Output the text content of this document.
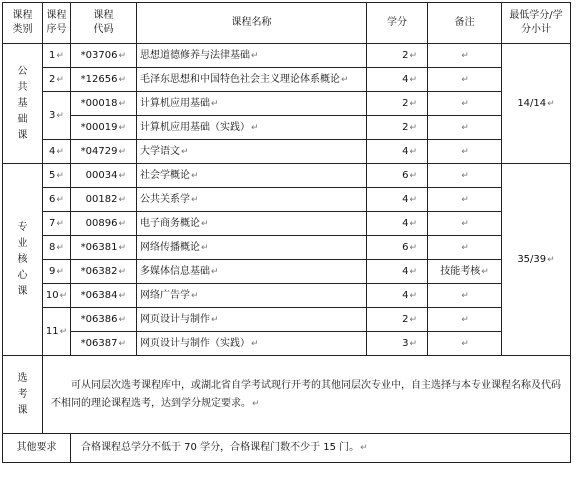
课程类别	课程序号	课程代码	课程名称	学分	备注	最低学分/学分小计
公共基础课	1↵	*03706↵	思想道德修养与法律基础↵	2↵	↵	14/14↵
	2↵	*12656↵	毛泽东思想和中国特色社会主义理论体系概论↵	4↵	↵	
	3↵	*00018↵	计算机应用基础↵	2↵	↵	
		*00019↵	计算机应用基础（实践）↵	2↵	↵	
	4↵	*04729↵	大学语文↵	4↵	↵	
专业核心课	5↵	00034↵	社会学概论↵	6↵	↵	35/39↵
	6↵	00182↵	公共关系学↵	4↵	↵	
	7↵	00896↵	电子商务概论↵	4↵	↵	
	8↵	*06381↵	网络传播概论↵	6↵	↵	
	9↵	*06382↵	多媒体信息基础↵	4↵	技能考核↵	
	10↵	*06384↵	网络广告学↵	4↵	↵	
	11↵	*06386↵	网页设计与制作↵	2↵	↵	
		*06387↵	网页设计与制作（实践）↵	3↵	↵	
选考课	可从同层次选考课程库中，或湖北省自学考试现行开考的其他同层次专业中，自主选择与本专业课程名称及代码不相同的理论课程选考，达到学分规定要求。↵					
其他要求		合格课程总学分不低于 70 学分，合格课程门数不少于 15 门。↵				
